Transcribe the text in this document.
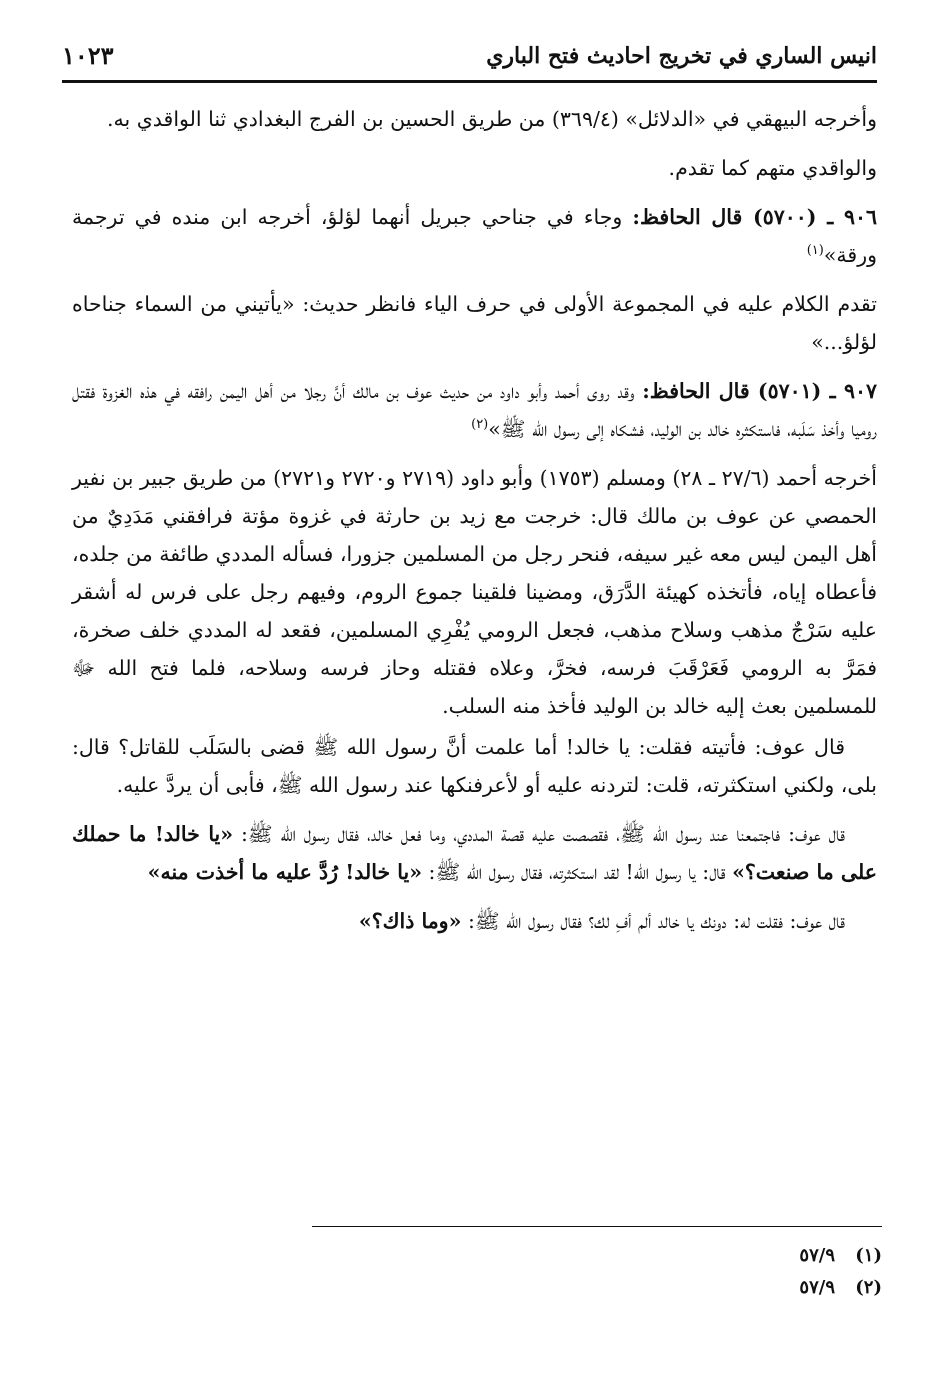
انيس الساري في تخريج احاديث فتح الباري
١٠٢٣

وأخرجه البيهقي في «الدلائل» (٣٦٩/٤) من طريق الحسين بن الفرج البغدادي ثنا الواقدي به.

والواقدي متهم كما تقدم.

٩٠٦ ـ (٥٧٠٠) قال الحافظ: وجاء في جناحي جبريل أنهما لؤلؤ، أخرجه ابن منده في ترجمة ورقة»$^{(١)}$

تقدم الكلام عليه في المجموعة الأولى في حرف الياء فانظر حديث: «يأتيني من السماء جناحاه لؤلؤ...»

٩٠٧ ـ (٥٧٠١) قال الحافظ: وقد روى أحمد وأبو داود من حديث عوف بن مالك أنَّ رجلا من أهل اليمن رافقه في هذه الغزوة فقتل روميا وأخذ سَلَبه، فاستكثره خالد بن الوليد، فشكاه إلى رسول الله ﷺ»$^{(٢)}$

أخرجه أحمد (٢٧/٦ ـ ٢٨) ومسلم (١٧٥٣) وأبو داود (٢٧١٩ و٢٧٢٠ و٢٧٢١) من طريق جبير بن نفير الحمصي عن عوف بن مالك قال: خرجت مع زيد بن حارثة في غزوة مؤتة فرافقني مَدَدِيٌ من أهل اليمن ليس معه غير سيفه، فنحر رجل من المسلمين جزورا، فسأله المددي طائفة من جلده، فأعطاه إياه، فأتخذه كهيئة الدَّرَق، ومضينا فلقينا جموع الروم، وفيهم رجل على فرس له أشقر عليه سَرْجٌ مذهب وسلاح مذهب، فجعل الرومي يُفْرِي المسلمين، فقعد له المددي خلف صخرة، فمَرَّ به الرومي فَعَرْقَبَ فرسه، فخرَّ، وعلاه فقتله وحاز فرسه وسلاحه، فلما فتح الله ﷻ للمسلمين بعث إليه خالد بن الوليد فأخذ منه السلب.

قال عوف: فأتيته فقلت: يا خالد! أما علمت أنَّ رسول الله ﷺ قضى بالسَلَب للقاتل؟ قال: بلى، ولكني استكثرته، قلت: لتردنه عليه أو لأعرفنكها عند رسول الله ﷺ، فأبى أن يردَّ عليه.

قال عوف: فاجتمعنا عند رسول الله ﷺ، فقصصت عليه قصة المددي، وما فعل خالد، فقال رسول الله ﷺ: «يا خالد! ما حملك على ما صنعت؟» قال: يا رسول الله! لقد استكثرته، فقال رسول الله ﷺ: «يا خالد! رُدَّ عليه ما أخذت منه»

قال عوف: فقلت له: دونك يا خالد ألم أفِ لك؟ فقال رسول الله ﷺ: «وما ذاك؟»

(١) ٥٧/٩
(٢) ٥٧/٩
